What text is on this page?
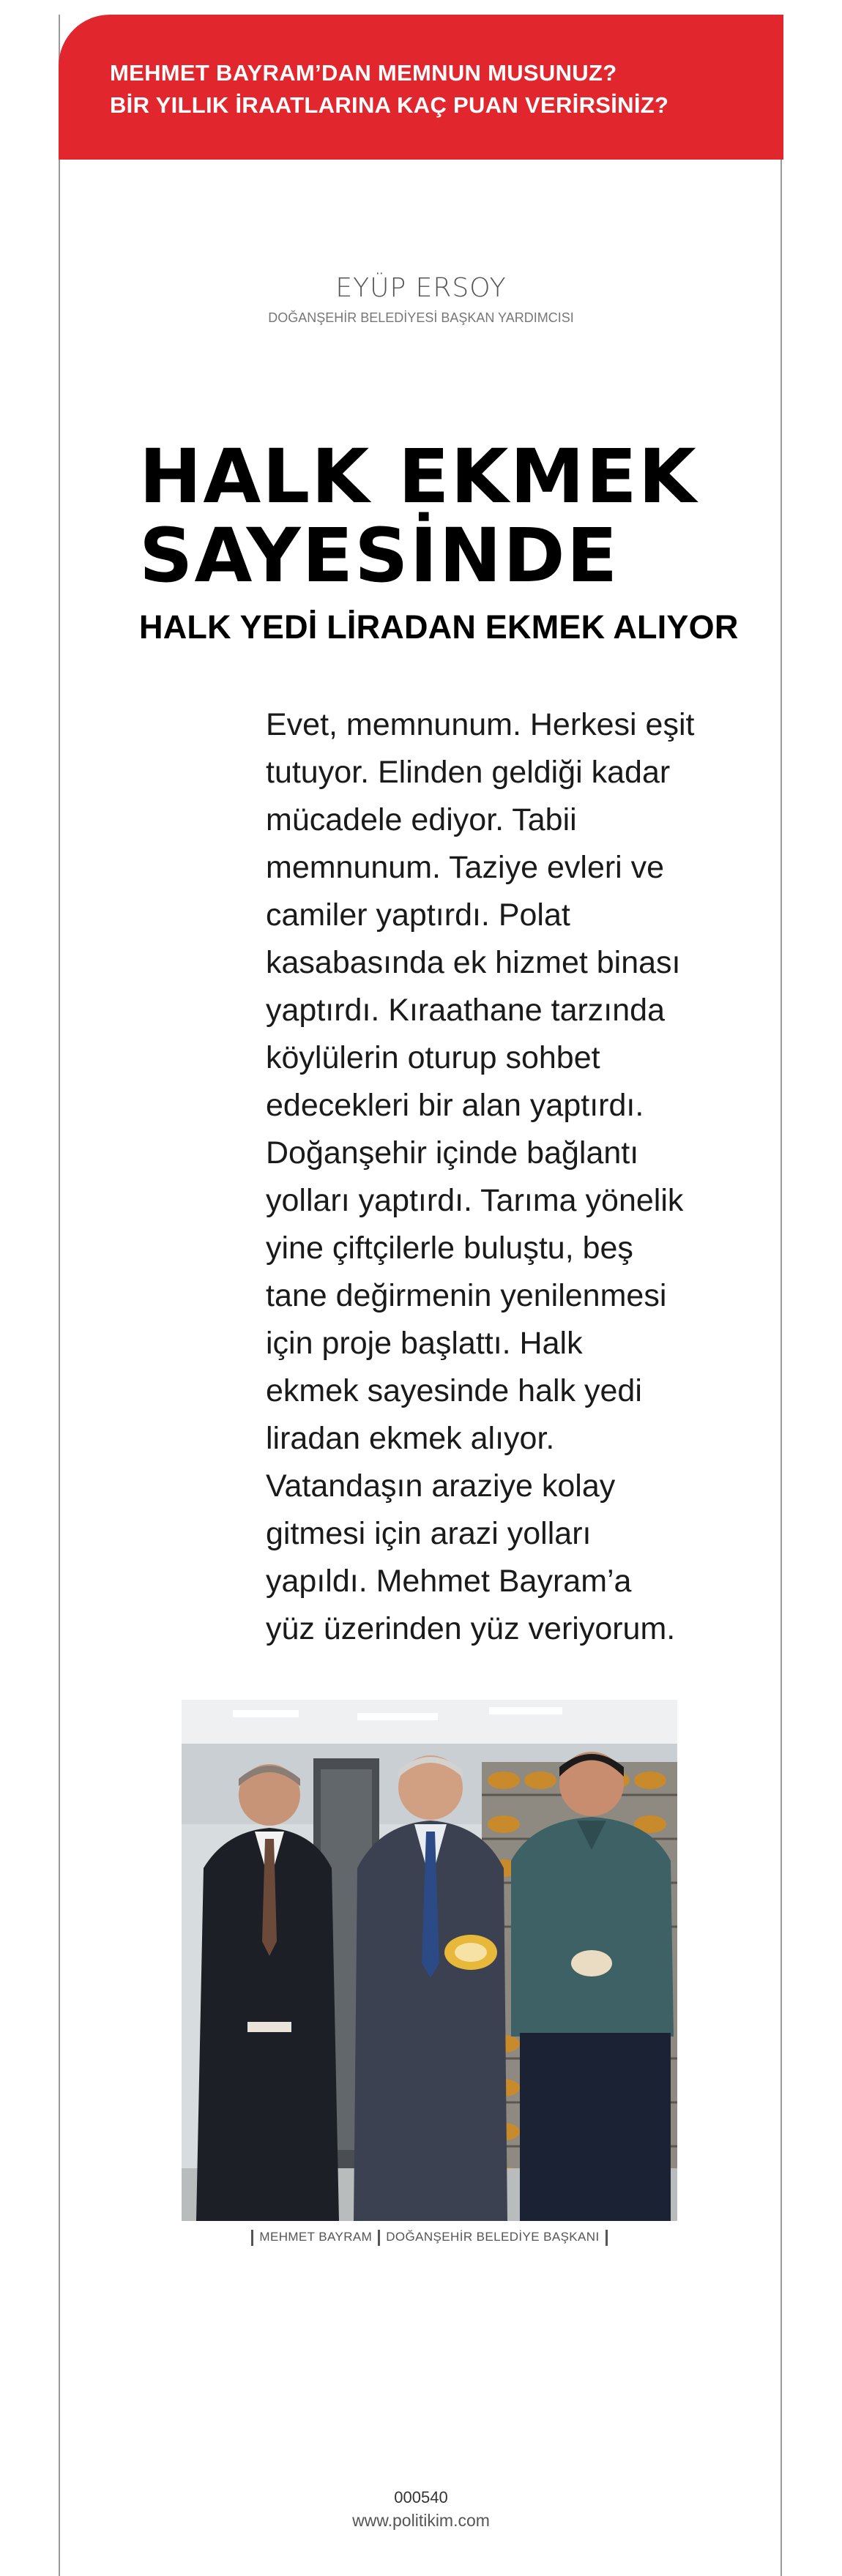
MEHMET BAYRAM’DAN MEMNUN MUSUNUZ?
BİR YILLIK İRAATLARINA KAÇ PUAN VERİRSİNİZ?
EYÜP ERSOY
DOĞANŞEHİR BELEDİYESİ BAŞKAN YARDIMCISI
HALK EKMEK
SAYESİNDE
HALK YEDİ LİRADAN EKMEK ALIYOR
Evet, memnunum. Herkesi eşit
tutuyor. Elinden geldiği kadar
mücadele ediyor. Tabii
memnunum. Taziye evleri ve
camiler yaptırdı. Polat
kasabasında ek hizmet binası
yaptırdı. Kıraathane tarzında
köylülerin oturup sohbet
edecekleri bir alan yaptırdı.
Doğanşehir içinde bağlantı
yolları yaptırdı. Tarıma yönelik
yine çiftçilerle buluştu, beş
tane değirmenin yenilenmesi
için proje başlattı. Halk
ekmek sayesinde halk yedi
liradan ekmek alıyor.
Vatandaşın araziye kolay
gitmesi için arazi yolları
yapıldı. Mehmet Bayram’a
yüz üzerinden yüz veriyorum.
MEHMET BAYRAM DOĞANŞEHİR BELEDİYE BAŞKANI
000540
www.politikim.com
